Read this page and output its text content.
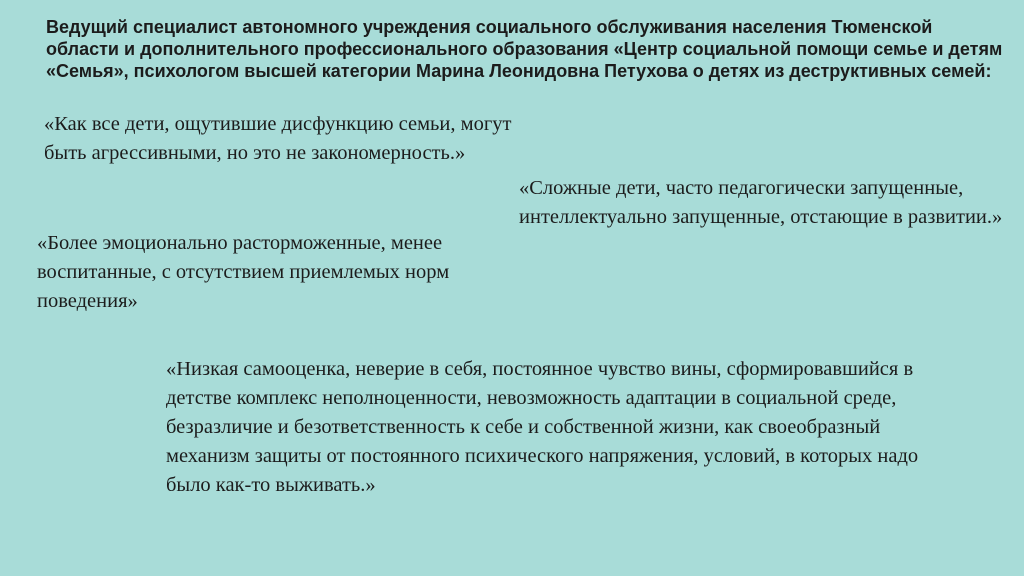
Ведущий специалист автономного учреждения социального обслуживания населения Тюменской области и дополнительного профессионального образования «Центр социальной помощи семье и детям «Семья», психологом высшей категории Марина Леонидовна Петухова о детях из деструктивных семей:

«Как все дети, ощутившие дисфункцию семьи, могут быть агрессивными, но это не закономерность.»

«Сложные дети, часто педагогически запущенные, интеллектуально запущенные, отстающие в развитии.»

«Более эмоционально расторможенные, менее воспитанные, с отсутствием приемлемых норм поведения»

«Низкая самооценка, неверие в себя, постоянное чувство вины, сформировавшийся в детстве комплекс неполноценности, невозможность адаптации в социальной среде, безразличие и безответственность к себе и собственной жизни, как своеобразный механизм защиты от постоянного психического напряжения, условий, в которых надо было как-то выживать.»
